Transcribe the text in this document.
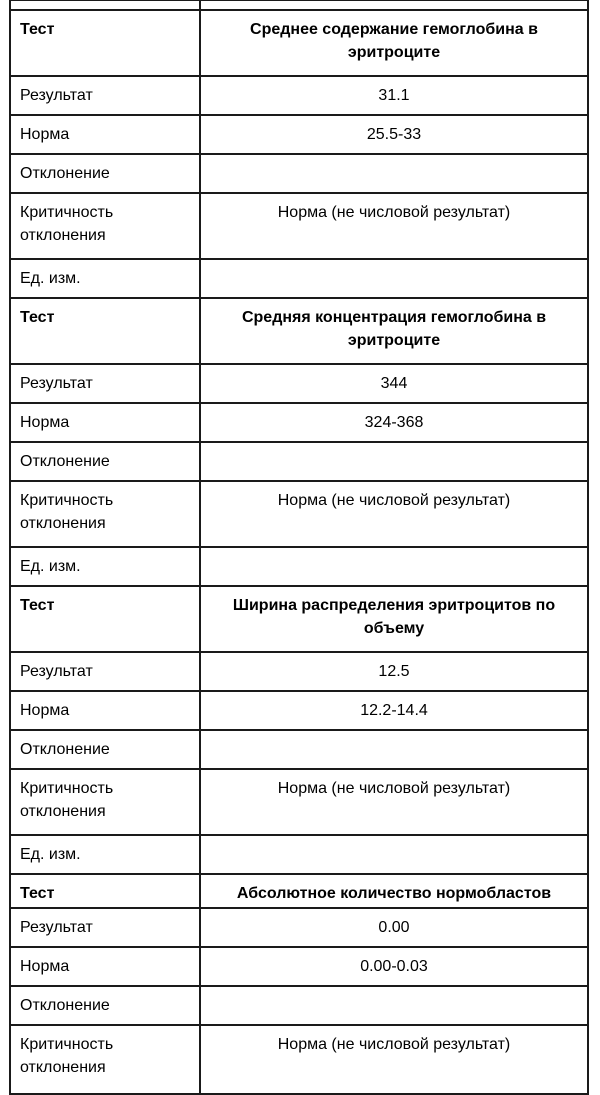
Тест	Среднее содержание гемоглобина в эритроците
Результат	31.1
Норма	25.5-33
Отклонение	
Критичность отклонения	Норма (не числовой результат)
Ед. изм.	
Тест	Средняя концентрация гемоглобина в эритроците
Результат	344
Норма	324-368
Отклонение	
Критичность отклонения	Норма (не числовой результат)
Ед. изм.	
Тест	Ширина распределения эритроцитов по объему
Результат	12.5
Норма	12.2-14.4
Отклонение	
Критичность отклонения	Норма (не числовой результат)
Ед. изм.	
Тест	Абсолютное количество нормобластов
Результат	0.00
Норма	0.00-0.03
Отклонение	
Критичность отклонения	Норма (не числовой результат)
